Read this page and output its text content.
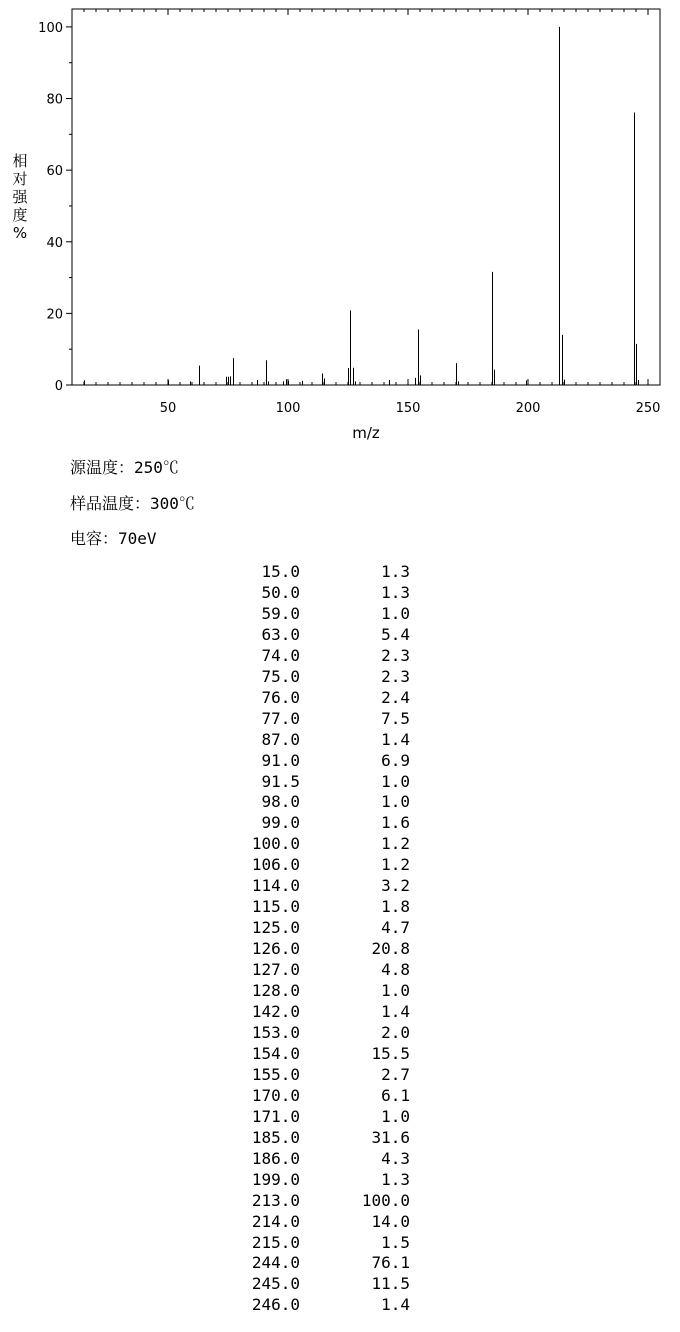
50	100	150	200	250
0
20
40
60
80
100
m/z
相
对
强
度
%
源温度：250℃
样品温度：300℃
电容：70eV
15.0	1.3
50.0	1.3
59.0	1.0
63.0	5.4
74.0	2.3
75.0	2.3
76.0	2.4
77.0	7.5
87.0	1.4
91.0	6.9
91.5	1.0
98.0	1.0
99.0	1.6
100.0	1.2
106.0	1.2
114.0	3.2
115.0	1.8
125.0	4.7
126.0	20.8
127.0	4.8
128.0	1.0
142.0	1.4
153.0	2.0
154.0	15.5
155.0	2.7
170.0	6.1
171.0	1.0
185.0	31.6
186.0	4.3
199.0	1.3
213.0	100.0
214.0	14.0
215.0	1.5
244.0	76.1
245.0	11.5
246.0	1.4
